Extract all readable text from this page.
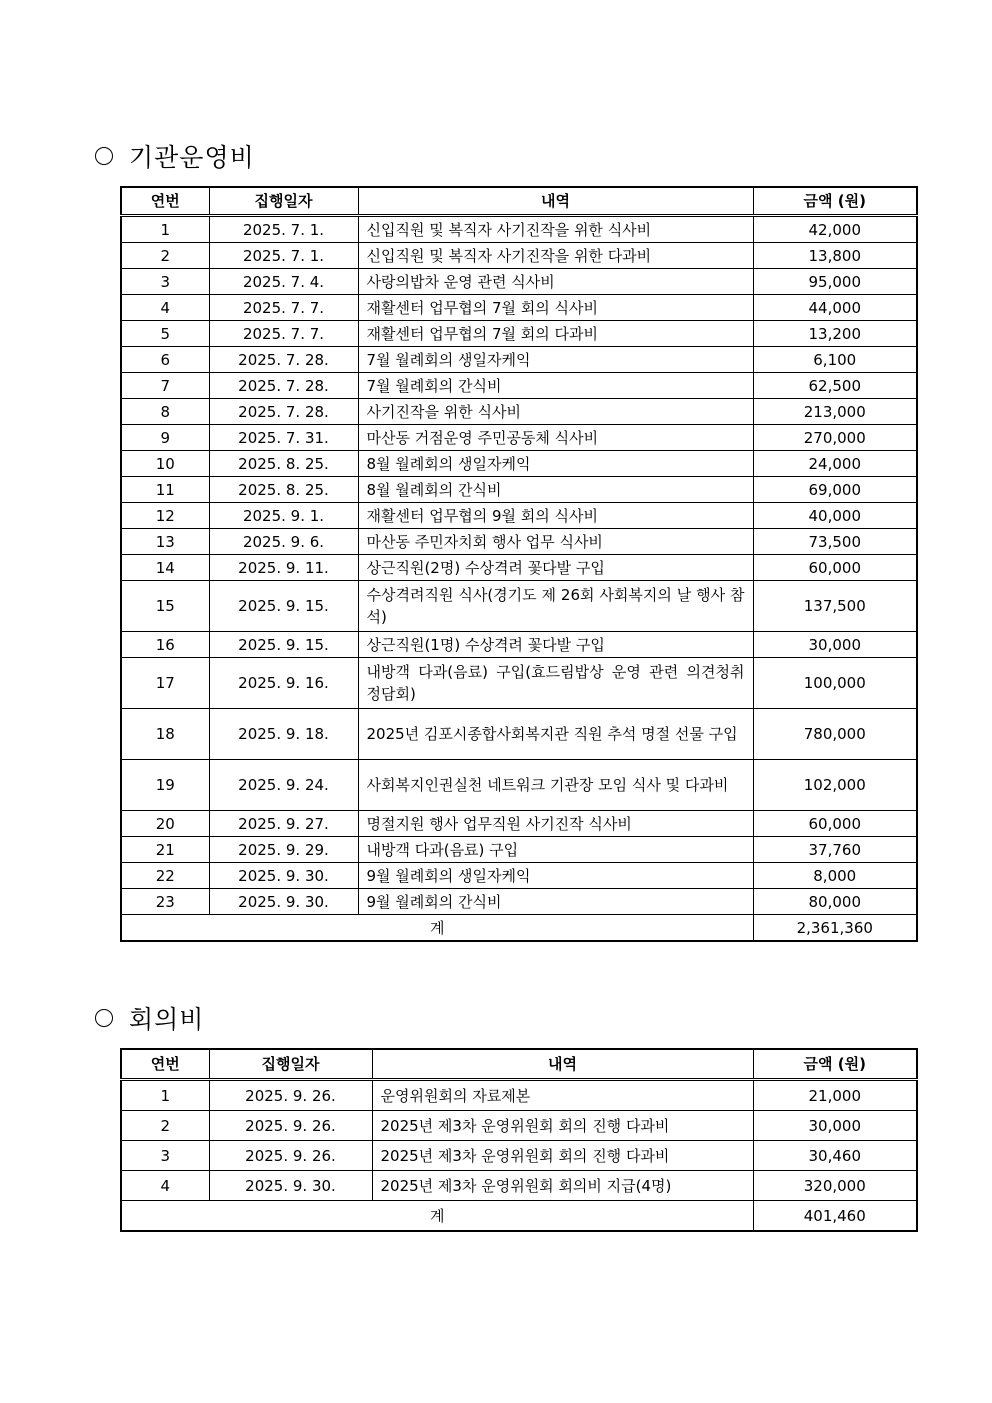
기관운영비
연번	집행일자	내역	금액 (원)
1	2025. 7. 1.	신입직원 및 복직자 사기진작을 위한 식사비	42,000
2	2025. 7. 1.	신입직원 및 복직자 사기진작을 위한 다과비	13,800
3	2025. 7. 4.	사랑의밥차 운영 관련 식사비	95,000
4	2025. 7. 7.	재활센터 업무협의 7월 회의 식사비	44,000
5	2025. 7. 7.	재활센터 업무협의 7월 회의 다과비	13,200
6	2025. 7. 28.	7월 월례회의 생일자케익	6,100
7	2025. 7. 28.	7월 월례회의 간식비	62,500
8	2025. 7. 28.	사기진작을 위한 식사비	213,000
9	2025. 7. 31.	마산동 거점운영 주민공동체 식사비	270,000
10	2025. 8. 25.	8월 월례회의 생일자케익	24,000
11	2025. 8. 25.	8월 월례회의 간식비	69,000
12	2025. 9. 1.	재활센터 업무협의 9월 회의 식사비	40,000
13	2025. 9. 6.	마산동 주민자치회 행사 업무 식사비	73,500
14	2025. 9. 11.	상근직원(2명) 수상격려 꽃다발 구입	60,000
15	2025. 9. 15.	수상격려직원 식사(경기도 제 26회 사회복지의 날 행사 참석)	137,500
16	2025. 9. 15.	상근직원(1명) 수상격려 꽃다발 구입	30,000
17	2025. 9. 16.	내방객 다과(음료) 구입(효드림밥상 운영 관련 의견청취 정담회)	100,000
18	2025. 9. 18.	2025년 김포시종합사회복지관 직원 추석 명절 선물 구입	780,000
19	2025. 9. 24.	사회복지인권실천 네트워크 기관장 모임 식사 및 다과비	102,000
20	2025. 9. 27.	명절지원 행사 업무직원 사기진작 식사비	60,000
21	2025. 9. 29.	내방객 다과(음료) 구입	37,760
22	2025. 9. 30.	9월 월례회의 생일자케익	8,000
23	2025. 9. 30.	9월 월례회의 간식비	80,000
계			2,361,360
회의비
연번	집행일자	내역	금액 (원)
1	2025. 9. 26.	운영위원회의 자료제본	21,000
2	2025. 9. 26.	2025년 제3차 운영위원회 회의 진행 다과비	30,000
3	2025. 9. 26.	2025년 제3차 운영위원회 회의 진행 다과비	30,460
4	2025. 9. 30.	2025년 제3차 운영위원회 회의비 지급(4명)	320,000
계			401,460
